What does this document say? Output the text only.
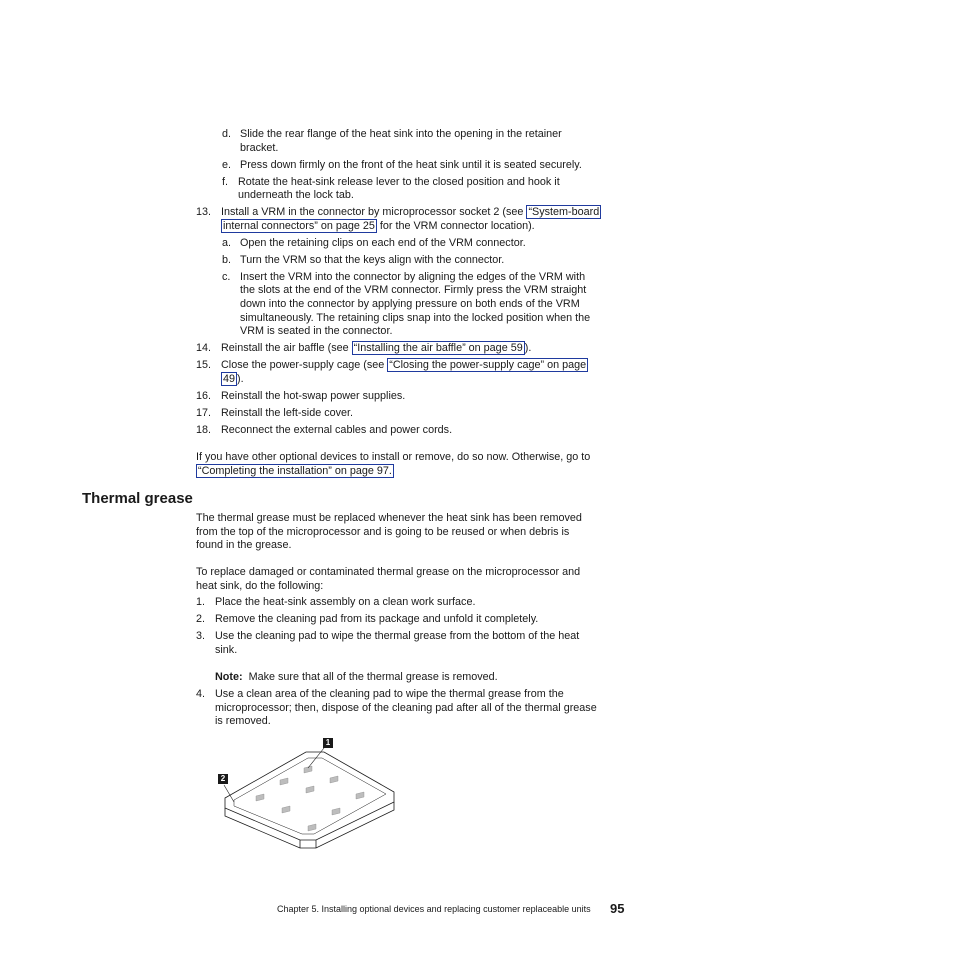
d. Slide the rear flange of the heat sink into the opening in the retainer
bracket.
e. Press down firmly on the front of the heat sink until it is seated securely.
f. Rotate the heat-sink release lever to the closed position and hook it
underneath the lock tab.
13. Install a VRM in the connector by microprocessor socket 2 (see “System-board
internal connectors” on page 25 for the VRM connector location).
a. Open the retaining clips on each end of the VRM connector.
b. Turn the VRM so that the keys align with the connector.
c. Insert the VRM into the connector by aligning the edges of the VRM with
the slots at the end of the VRM connector. Firmly press the VRM straight
down into the connector by applying pressure on both ends of the VRM
simultaneously. The retaining clips snap into the locked position when the
VRM is seated in the connector.
14. Reinstall the air baffle (see “Installing the air baffle” on page 59 ).
15. Close the power-supply cage (see “Closing the power-supply cage” on page
49 ).
16. Reinstall the hot-swap power supplies.
17. Reinstall the left-side cover.
18. Reconnect the external cables and power cords.
If you have other optional devices to install or remove, do so now. Otherwise, go to
“Completing the installation” on page 97.
Thermal grease
The thermal grease must be replaced whenever the heat sink has been removed
from the top of the microprocessor and is going to be reused or when debris is
found in the grease.
To replace damaged or contaminated thermal grease on the microprocessor and
heat sink, do the following:
1. Place the heat-sink assembly on a clean work surface.
2. Remove the cleaning pad from its package and unfold it completely.
3. Use the cleaning pad to wipe the thermal grease from the bottom of the heat
sink.
Note: Make sure that all of the thermal grease is removed.
4. Use a clean area of the cleaning pad to wipe the thermal grease from the
microprocessor; then, dispose of the cleaning pad after all of the thermal grease
is removed.
1
2
Chapter 5. Installing optional devices and replacing customer replaceable units 95
